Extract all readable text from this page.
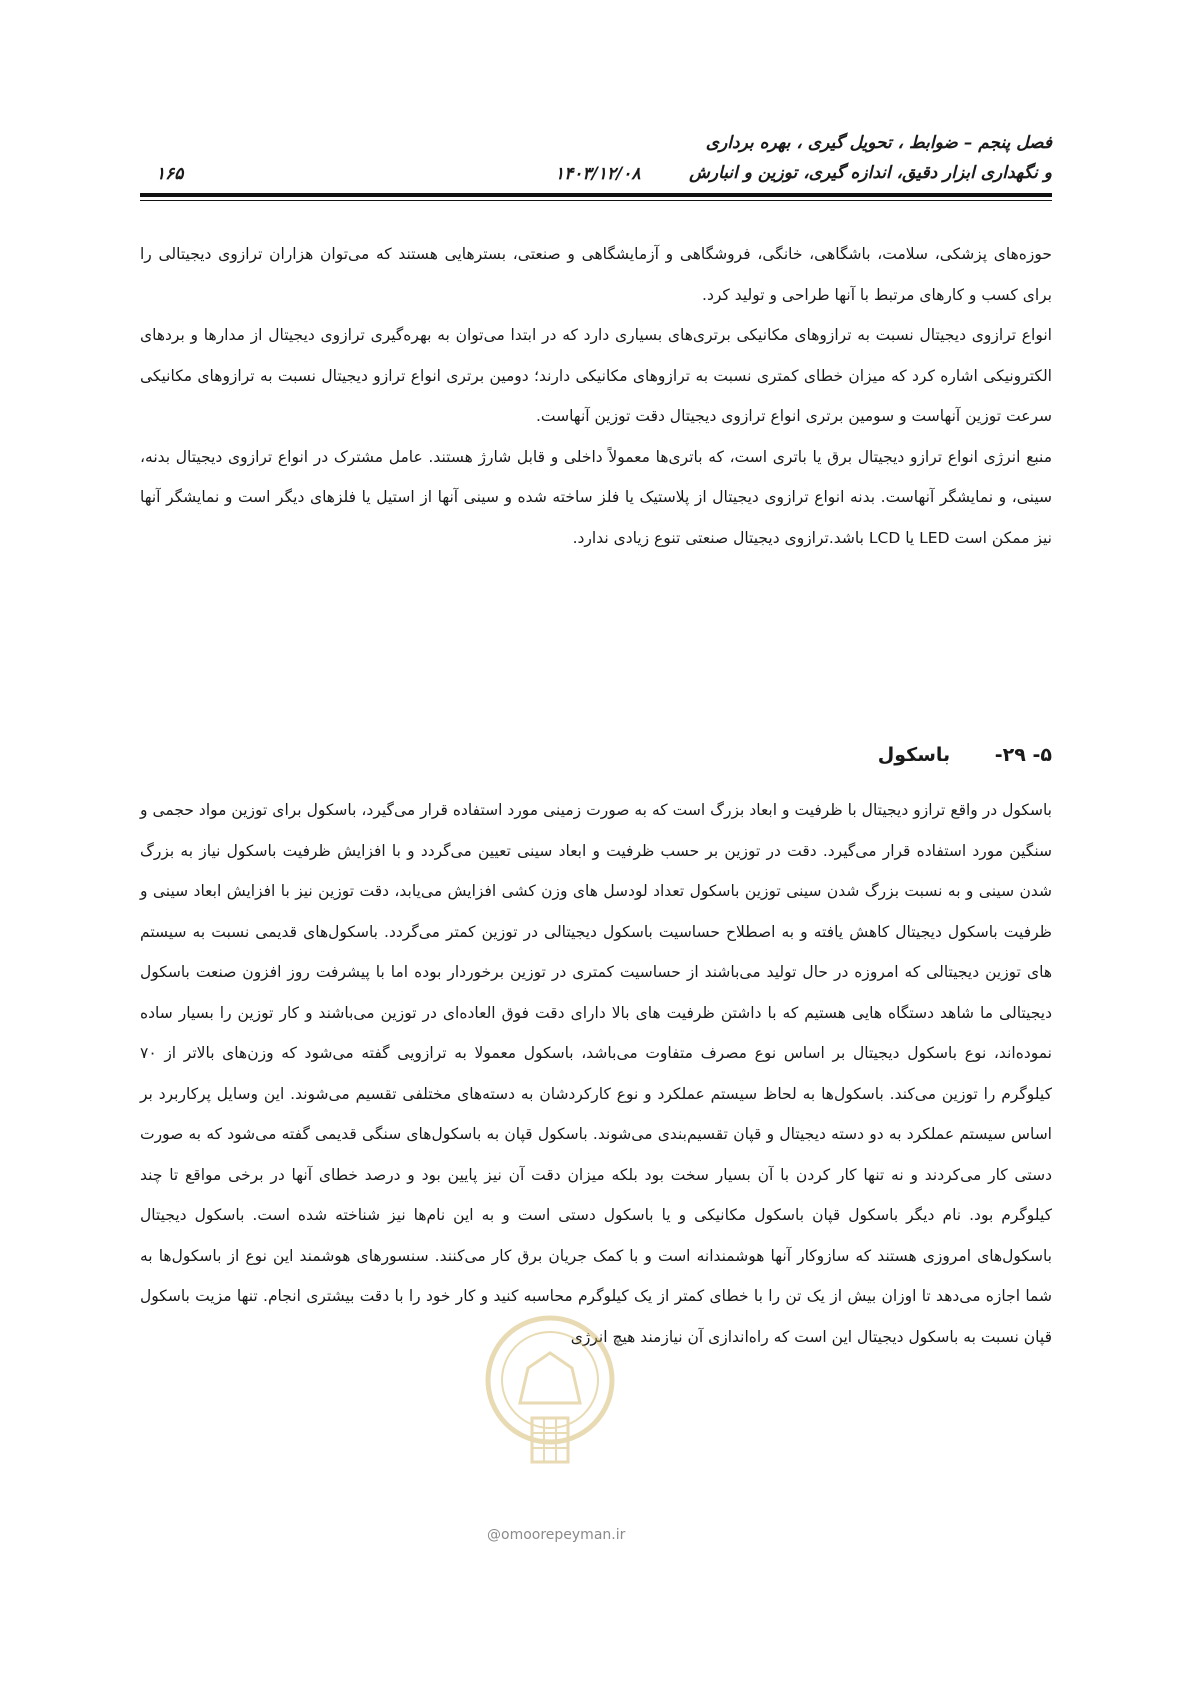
فصل پنجم – ضوابط ، تحویل گیری ، بهره برداری
و نگهداری ابزار دقیق، اندازه گیری، توزین و انبارش
۱۴۰۳/۱۲/۰۸
۱۶۵

حوزه‌های پزشکی، سلامت، باشگاهی، خانگی، فروشگاهی و آزمایشگاهی و صنعتی، بسترهایی هستند که می‌توان هزاران ترازوی دیجیتالی را برای کسب و کارهای مرتبط با آنها طراحی و تولید کرد.

انواع ترازوی دیجیتال نسبت به ترازوهای مکانیکی برتری‌های بسیاری دارد که در ابتدا می‌توان به بهره‌گیری ترازوی دیجیتال از مدارها و بردهای الکترونیکی اشاره کرد که میزان خطای کمتری نسبت به ترازوهای مکانیکی دارند؛ دومین برتری انواع ترازو دیجیتال نسبت به ترازوهای مکانیکی سرعت توزین آنهاست و سومین برتری انواع ترازوی دیجیتال دقت توزین آنهاست.

منبع انرژی انواع ترازو دیجیتال برق یا باتری است، که باتری‌ها معمولاً داخلی و قابل شارژ هستند. عامل مشترک در انواع ترازوی دیجیتال بدنه، سینی، و نمایشگر آنهاست. بدنه انواع ترازوی دیجیتال از پلاستیک یا فلز ساخته شده و سینی آنها از استیل یا فلزهای دیگر است و نمایشگر آنها نیز ممکن است LED یا LCD باشد.ترازوی دیجیتال صنعتی تنوع زیادی ندارد.

۵- ۲۹- باسکول

باسکول در واقع ترازو دیجیتال با ظرفیت و ابعاد بزرگ است که به صورت زمینی مورد استفاده قرار می‌گیرد، باسکول برای توزین مواد حجمی و سنگین مورد استفاده قرار می‌گیرد. دقت در توزین بر حسب ظرفیت و ابعاد سینی تعیین می‌گردد و با افزایش ظرفیت باسکول نیاز به بزرگ شدن سینی و به نسبت بزرگ شدن سینی توزین باسکول تعداد لودسل های وزن کشی افزایش می‌یابد، دقت توزین نیز با افزایش ابعاد سینی و ظرفیت باسکول دیجیتال کاهش یافته و به اصطلاح حساسیت باسکول دیجیتالی در توزین کمتر می‌گردد. باسکول‌های قدیمی نسبت به سیستم های توزین دیجیتالی که امروزه در حال تولید می‌باشند از حساسیت کمتری در توزین برخوردار بوده اما با پیشرفت روز افزون صنعت باسکول دیجیتالی ما شاهد دستگاه هایی هستیم که با داشتن ظرفیت های بالا دارای دقت فوق العاده‌ای در توزین می‌باشند و کار توزین را بسیار ساده نموده‌اند، نوع باسکول دیجیتال بر اساس نوع مصرف متفاوت می‌باشد، باسکول معمولا به ترازویی گفته می‌شود که وزن‌های بالاتر از ۷۰ کیلوگرم را توزین می‌کند. باسکول‌ها به لحاظ سیستم عملکرد و نوع کارکردشان به دسته‌های مختلفی تقسیم می‌شوند. این وسایل پرکاربرد بر اساس سیستم عملکرد به دو دسته دیجیتال و قپان تقسیم‌بندی می‌شوند. باسکول قپان به باسکول‌های سنگی قدیمی گفته می‌شود که به صورت دستی کار می‌کردند و نه تنها کار کردن با آن بسیار سخت بود بلکه میزان دقت آن نیز پایین بود و درصد خطای آنها در برخی مواقع تا چند کیلوگرم بود. نام دیگر باسکول قپان باسکول مکانیکی و یا باسکول دستی است و به این نام‌ها نیز شناخته شده است. باسکول دیجیتال باسکول‌های امروزی هستند که سازوکار آنها هوشمندانه است و با کمک جریان برق کار می‌کنند. سنسورهای هوشمند این نوع از باسکول‌ها به شما اجازه می‌دهد تا اوزان بیش از یک تن را با خطای کمتر از یک کیلوگرم محاسبه کنید و کار خود را با دقت بیشتری انجام. تنها مزیت باسکول قپان نسبت به باسکول دیجیتال این است که راه‌اندازی آن نیازمند هیچ انرژی

@omoorepeyman.ir
